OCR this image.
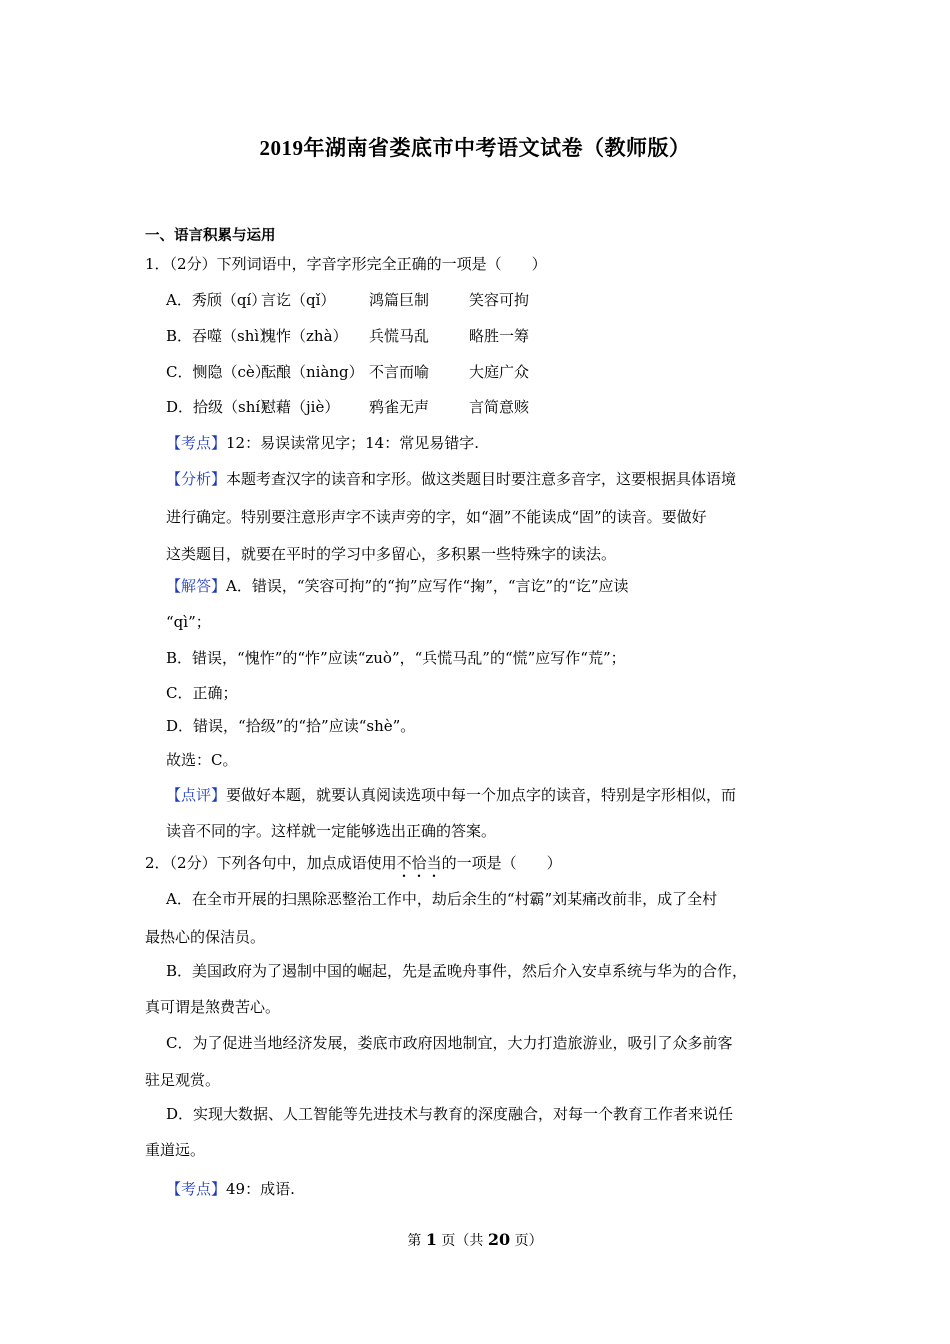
2019年湖南省娄底市中考语文试卷（教师版）
一、语言积累与运用
1．（2分）下列词语中，字音字形完全正确的一项是（　　）
A．秀颀（qí）言讫（qǐ） 鸿篇巨制	笑容可拘
B．吞噬（shì）愧怍（zhà） 兵慌马乱	略胜一筹
C．恻隐（cè）酝酿（niàng） 不言而喻	大庭广众
D．拾级（shí）慰藉（jiè） 鸦雀无声	言简意赅
【考点】12：易误读常见字；14：常见易错字.
【分析】本题考查汉字的读音和字形。做这类题目时要注意多音字，这要根据具体语境
进行确定。特别要注意形声字不读声旁的字，如“涸”不能读成“固”的读音。要做好
这类题目，就要在平时的学习中多留心，多积累一些特殊字的读法。
【解答】A．错误，“笑容可拘”的“拘”应写作“掬”，“言讫”的“讫”应读
“qì”；
B．错误，“愧怍”的“怍”应读“zuò”，“兵慌马乱”的“慌”应写作“荒”；
C．正确；
D．错误，“拾级”的“拾”应读“shè”。
故选：C。
【点评】要做好本题，就要认真阅读选项中每一个加点字的读音，特别是字形相似，而
读音不同的字。这样就一定能够选出正确的答案。
2．（2分）下列各句中，加点成语使用不恰当的一项是（　　）
A．在全市开展的扫黑除恶整治工作中，劫后余生的“村霸”刘某痛改前非，成了全村
最热心的保洁员。
B．美国政府为了遏制中国的崛起，先是孟晚舟事件，然后介入安卓系统与华为的合作，
真可谓是煞费苦心。
C．为了促进当地经济发展，娄底市政府因地制宜，大力打造旅游业，吸引了众多前客
驻足观赏。
D．实现大数据、人工智能等先进技术与教育的深度融合，对每一个教育工作者来说任
重道远。
【考点】49：成语.
第 1 页（共 20 页）
